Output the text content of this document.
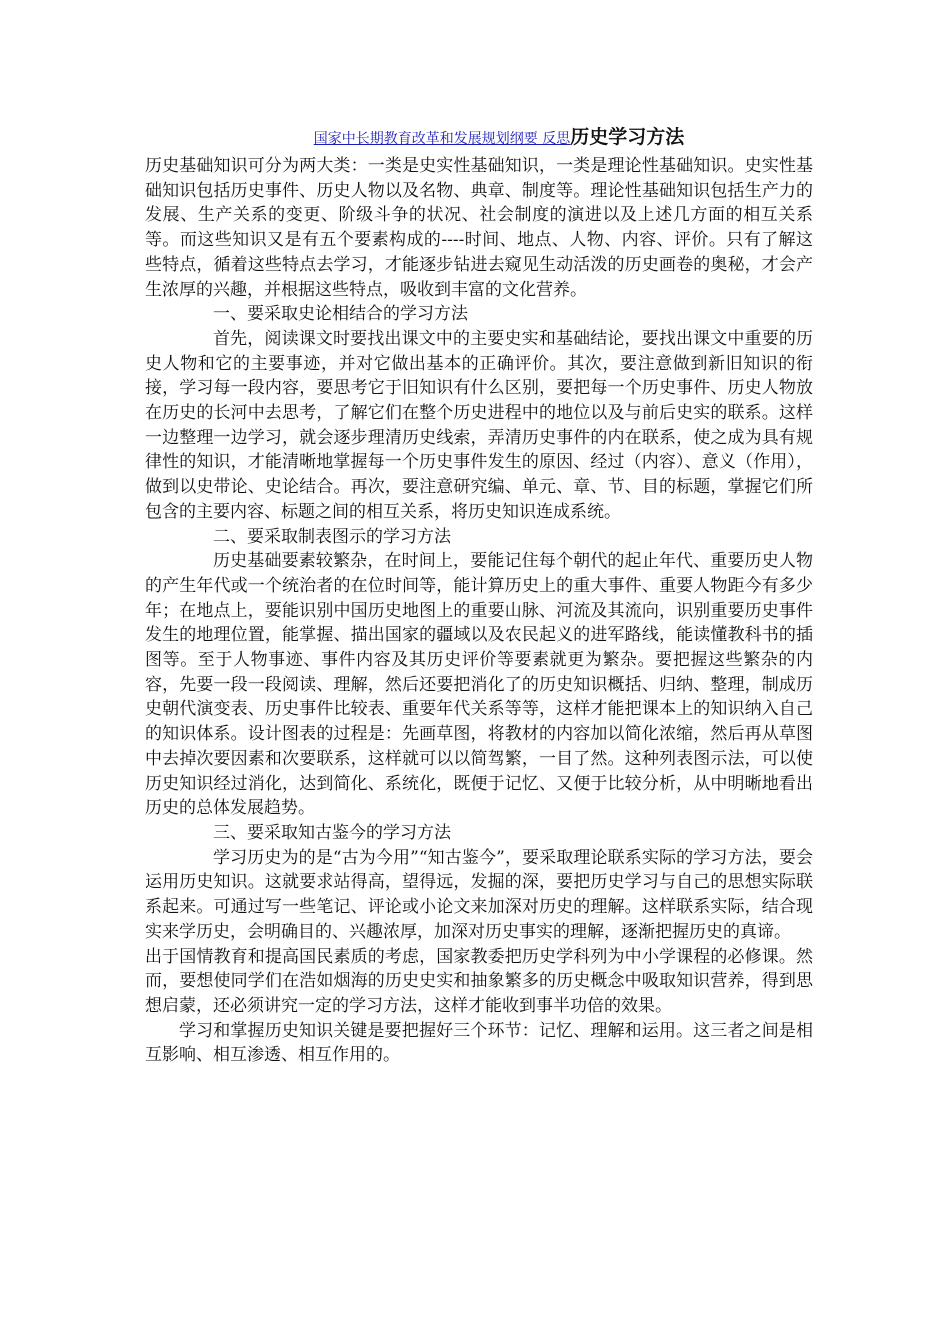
国家中长期教育改革和发展规划纲要 反思历史学习方法

历史基础知识可分为两大类：一类是史实性基础知识，一类是理论性基础知识。史实性基础知识包括历史事件、历史人物以及名物、典章、制度等。理论性基础知识包括生产力的发展、生产关系的变更、阶级斗争的状况、社会制度的演进以及上述几方面的相互关系等。而这些知识又是有五个要素构成的----时间、地点、人物、内容、评价。只有了解这些特点，循着这些特点去学习，才能逐步钻进去窥见生动活泼的历史画卷的奥秘，才会产生浓厚的兴趣，并根据这些特点，吸收到丰富的文化营养。

一、要采取史论相结合的学习方法

首先，阅读课文时要找出课文中的主要史实和基础结论，要找出课文中重要的历史人物和它的主要事迹，并对它做出基本的正确评价。其次，要注意做到新旧知识的衔接，学习每一段内容，要思考它于旧知识有什么区别，要把每一个历史事件、历史人物放在历史的长河中去思考，了解它们在整个历史进程中的地位以及与前后史实的联系。这样一边整理一边学习，就会逐步理清历史线索，弄清历史事件的内在联系，使之成为具有规律性的知识，才能清晰地掌握每一个历史事件发生的原因、经过（内容）、意义（作用），做到以史带论、史论结合。再次，要注意研究编、单元、章、节、目的标题，掌握它们所包含的主要内容、标题之间的相互关系，将历史知识连成系统。

二、要采取制表图示的学习方法

历史基础要素较繁杂，在时间上，要能记住每个朝代的起止年代、重要历史人物的产生年代或一个统治者的在位时间等，能计算历史上的重大事件、重要人物距今有多少年；在地点上，要能识别中国历史地图上的重要山脉、河流及其流向，识别重要历史事件发生的地理位置，能掌握、描出国家的疆域以及农民起义的进军路线，能读懂教科书的插图等。至于人物事迹、事件内容及其历史评价等要素就更为繁杂。要把握这些繁杂的内容，先要一段一段阅读、理解，然后还要把消化了的历史知识概括、归纳、整理，制成历史朝代演变表、历史事件比较表、重要年代关系等等，这样才能把课本上的知识纳入自己的知识体系。设计图表的过程是：先画草图，将教材的内容加以简化浓缩，然后再从草图中去掉次要因素和次要联系，这样就可以以简驾繁，一目了然。这种列表图示法，可以使历史知识经过消化，达到简化、系统化，既便于记忆、又便于比较分析，从中明晰地看出历史的总体发展趋势。

三、要采取知古鉴今的学习方法

学习历史为的是“古为今用”“知古鉴今”，要采取理论联系实际的学习方法，要会运用历史知识。这就要求站得高，望得远，发掘的深，要把历史学习与自己的思想实际联系起来。可通过写一些笔记、评论或小论文来加深对历史的理解。这样联系实际，结合现实来学历史，会明确目的、兴趣浓厚，加深对历史事实的理解，逐渐把握历史的真谛。

出于国情教育和提高国民素质的考虑，国家教委把历史学科列为中小学课程的必修课。然而，要想使同学们在浩如烟海的历史史实和抽象繁多的历史概念中吸取知识营养，得到思想启蒙，还必须讲究一定的学习方法，这样才能收到事半功倍的效果。

学习和掌握历史知识关键是要把握好三个环节：记忆、理解和运用。这三者之间是相互影响、相互渗透、相互作用的。
